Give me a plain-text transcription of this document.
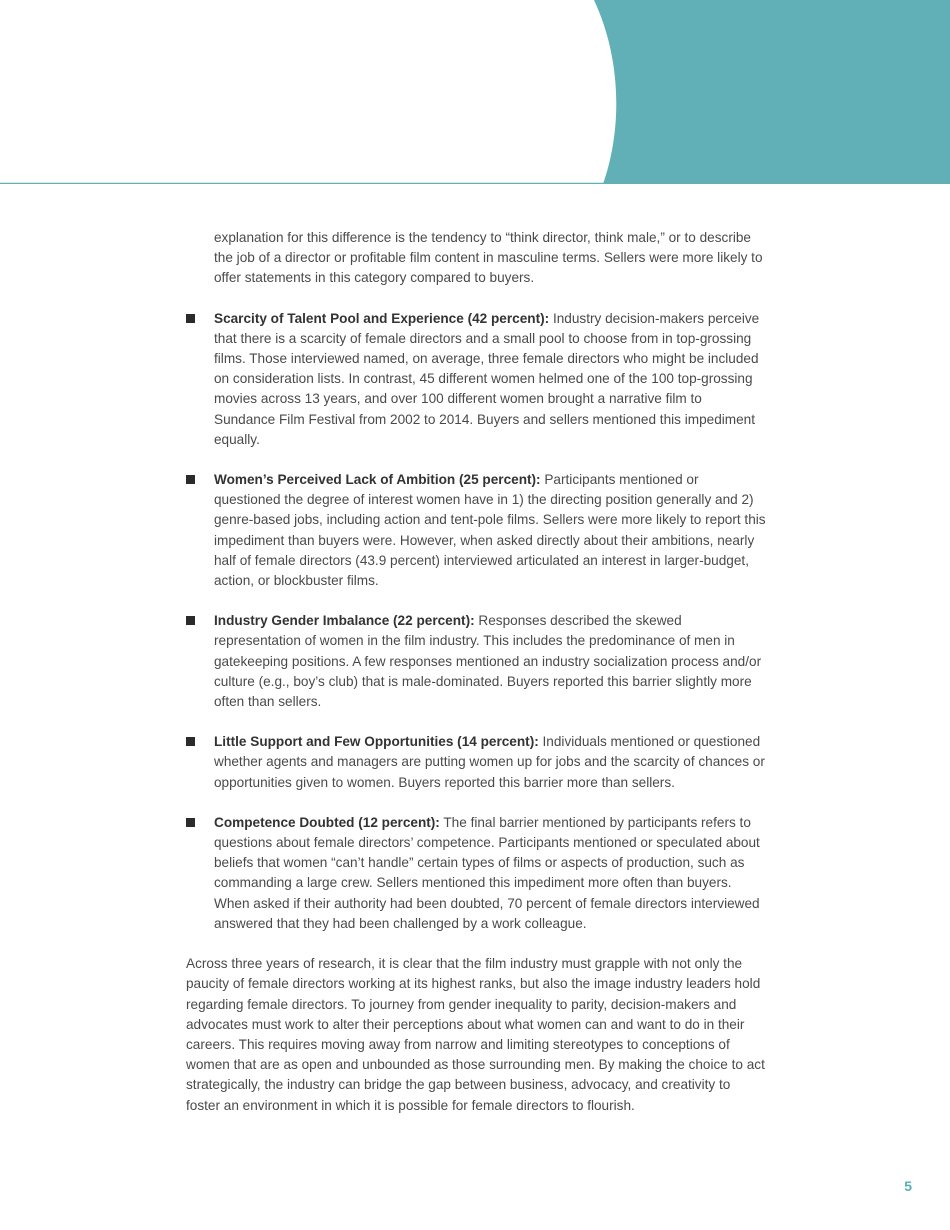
explanation for this difference is the tendency to “think director, think male,” or to describe the job of a director or profitable film content in masculine terms. Sellers were more likely to offer statements in this category compared to buyers.

Scarcity of Talent Pool and Experience (42 percent): Industry decision-makers perceive that there is a scarcity of female directors and a small pool to choose from in top-grossing films. Those interviewed named, on average, three female directors who might be included on consideration lists. In contrast, 45 different women helmed one of the 100 top-grossing movies across 13 years, and over 100 different women brought a narrative film to Sundance Film Festival from 2002 to 2014. Buyers and sellers mentioned this impediment equally.

Women’s Perceived Lack of Ambition (25 percent): Participants mentioned or questioned the degree of interest women have in 1) the directing position generally and 2) genre-based jobs, including action and tent-pole films. Sellers were more likely to report this impediment than buyers were. However, when asked directly about their ambitions, nearly half of female directors (43.9 percent) interviewed articulated an interest in larger-budget, action, or blockbuster films.

Industry Gender Imbalance (22 percent): Responses described the skewed representation of women in the film industry. This includes the predominance of men in gatekeeping positions. A few responses mentioned an industry socialization process and/or culture (e.g., boy’s club) that is male-dominated. Buyers reported this barrier slightly more often than sellers.

Little Support and Few Opportunities (14 percent): Individuals mentioned or questioned whether agents and managers are putting women up for jobs and the scarcity of chances or opportunities given to women. Buyers reported this barrier more than sellers.

Competence Doubted (12 percent): The final barrier mentioned by participants refers to questions about female directors’ competence. Participants mentioned or speculated about beliefs that women “can’t handle” certain types of films or aspects of production, such as commanding a large crew. Sellers mentioned this impediment more often than buyers. When asked if their authority had been doubted, 70 percent of female directors interviewed answered that they had been challenged by a work colleague.

Across three years of research, it is clear that the film industry must grapple with not only the paucity of female directors working at its highest ranks, but also the image industry leaders hold regarding female directors. To journey from gender inequality to parity, decision-makers and advocates must work to alter their perceptions about what women can and want to do in their careers. This requires moving away from narrow and limiting stereotypes to conceptions of women that are as open and unbounded as those surrounding men. By making the choice to act strategically, the industry can bridge the gap between business, advocacy, and creativity to foster an environment in which it is possible for female directors to flourish.

5
